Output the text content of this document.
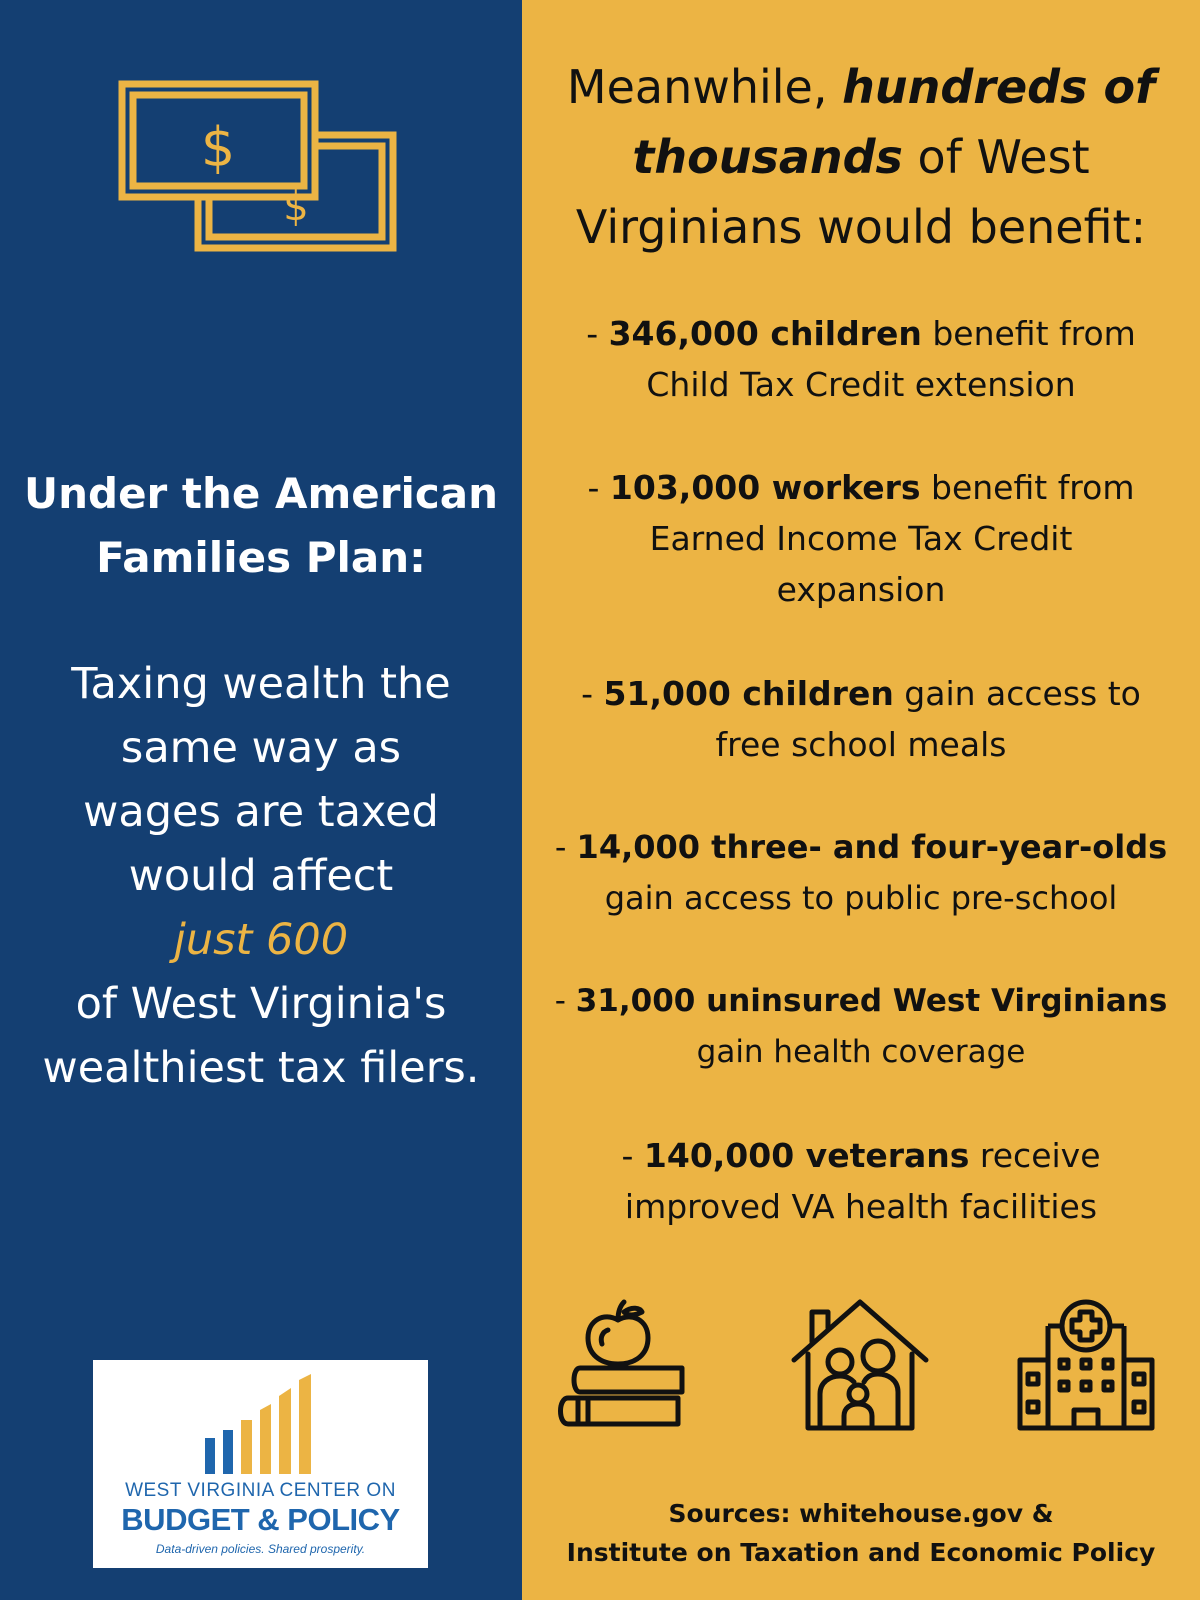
$
$
Under the American
Families Plan:
Taxing wealth the
same way as
wages are taxed
would affect
just 600
of West Virginia's
wealthiest tax filers.
WEST VIRGINIA CENTER ON
BUDGET & POLICY
Data-driven policies. Shared prosperity.
Meanwhile, hundreds of
thousands of West
Virginians would benefit:
- 346,000 children benefit from
Child Tax Credit extension
- 103,000 workers benefit from
Earned Income Tax Credit
expansion
- 51,000 children gain access to
free school meals
- 14,000 three- and four-year-olds
gain access to public pre-school
- 31,000 uninsured West Virginians
gain health coverage
- 140,000 veterans receive
improved VA health facilities
Sources: whitehouse.gov &
Institute on Taxation and Economic Policy
